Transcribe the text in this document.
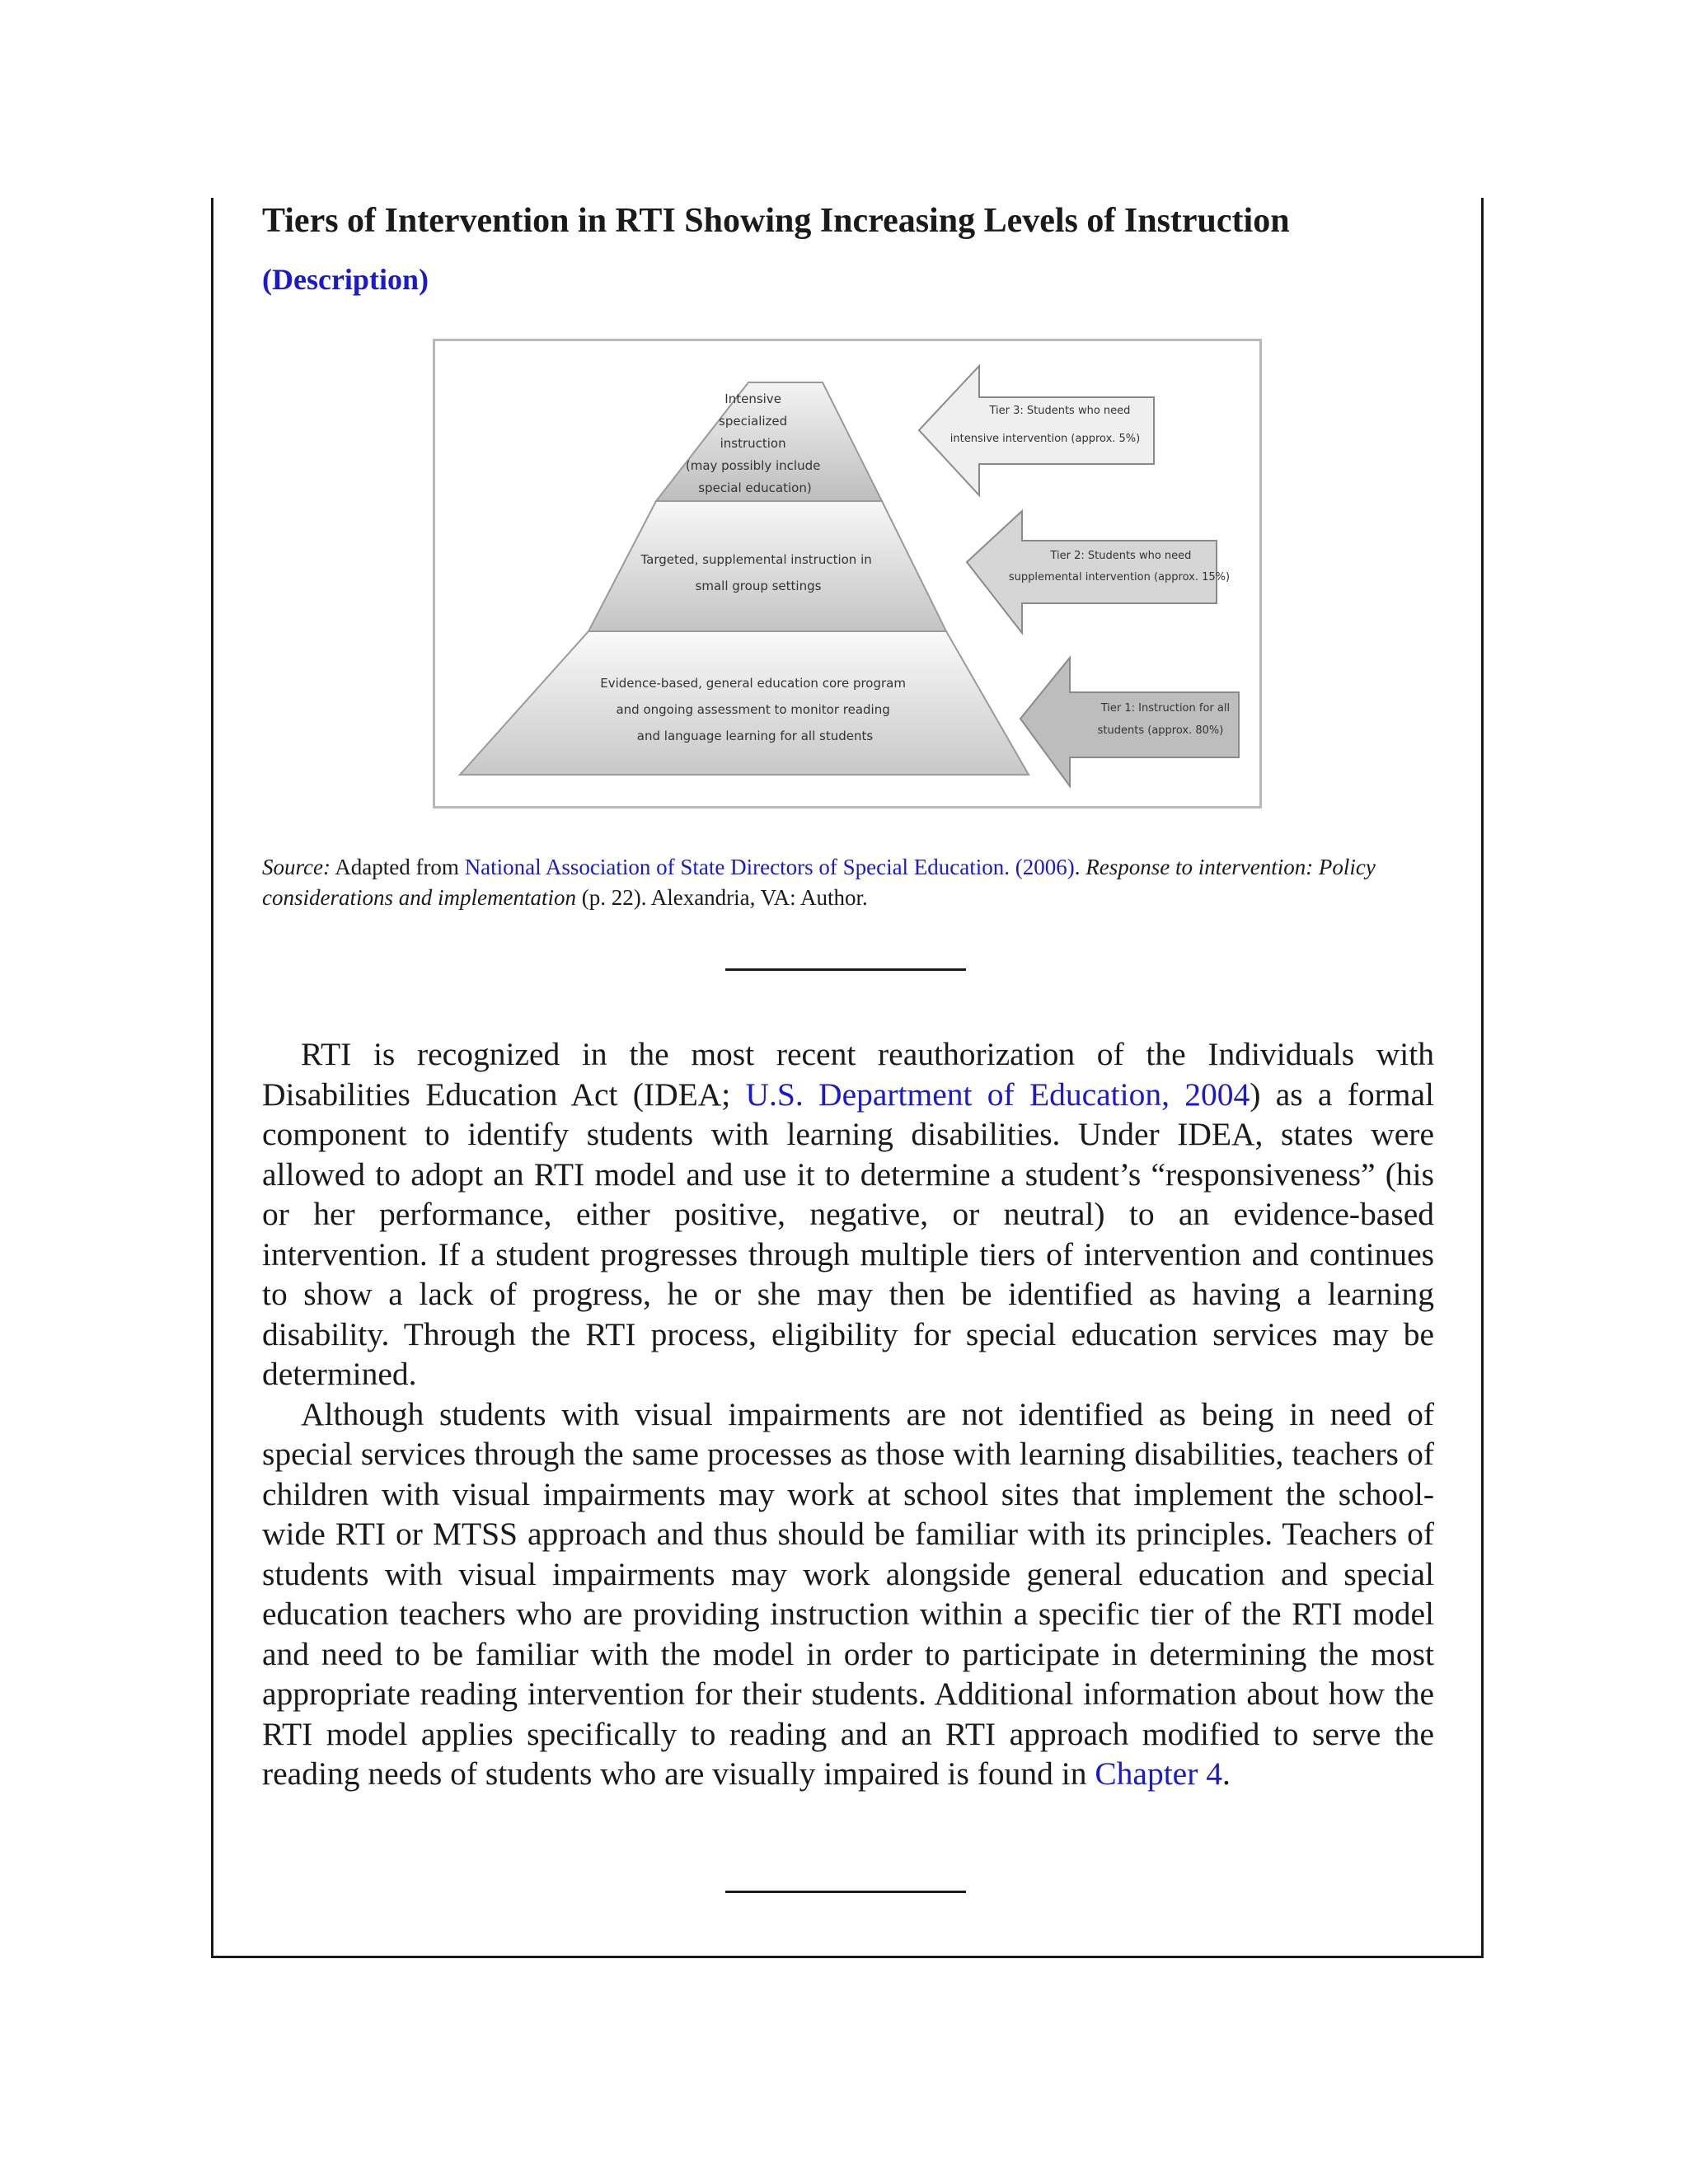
Tiers of Intervention in RTI Showing Increasing Levels of Instruction
(Description)
Intensive specialized instruction (may possibly include special education)
Targeted, supplemental instruction in small group settings
Evidence-based, general education core program and ongoing assessment to monitor reading and language learning for all students
Tier 3: Students who need intensive intervention (approx. 5%)
Tier 2: Students who need supplemental intervention (approx. 15%)
Tier 1: Instruction for all students (approx. 80%)

Source: Adapted from National Association of State Directors of Special Education. (2006). Response to intervention: Policy considerations and implementation (p. 22). Alexandria, VA: Author.

RTI is recognized in the most recent reauthorization of the Individuals with Disabilities Education Act (IDEA; U.S. Department of Education, 2004) as a formal component to identify students with learning disabilities. Under IDEA, states were allowed to adopt an RTI model and use it to determine a student’s “responsiveness” (his or her performance, either positive, negative, or neutral) to an evidence-based intervention. If a student progresses through multiple tiers of intervention and continues to show a lack of progress, he or she may then be identified as having a learning disability. Through the RTI process, eligibility for special education services may be determined.

Although students with visual impairments are not identified as being in need of special services through the same processes as those with learning disabilities, teachers of children with visual impairments may work at school sites that implement the school-wide RTI or MTSS approach and thus should be familiar with its principles. Teachers of students with visual impairments may work alongside general education and special education teachers who are providing instruction within a specific tier of the RTI model and need to be familiar with the model in order to participate in determining the most appropriate reading intervention for their students. Additional information about how the RTI model applies specifically to reading and an RTI approach modified to serve the reading needs of students who are visually impaired is found in Chapter 4.
